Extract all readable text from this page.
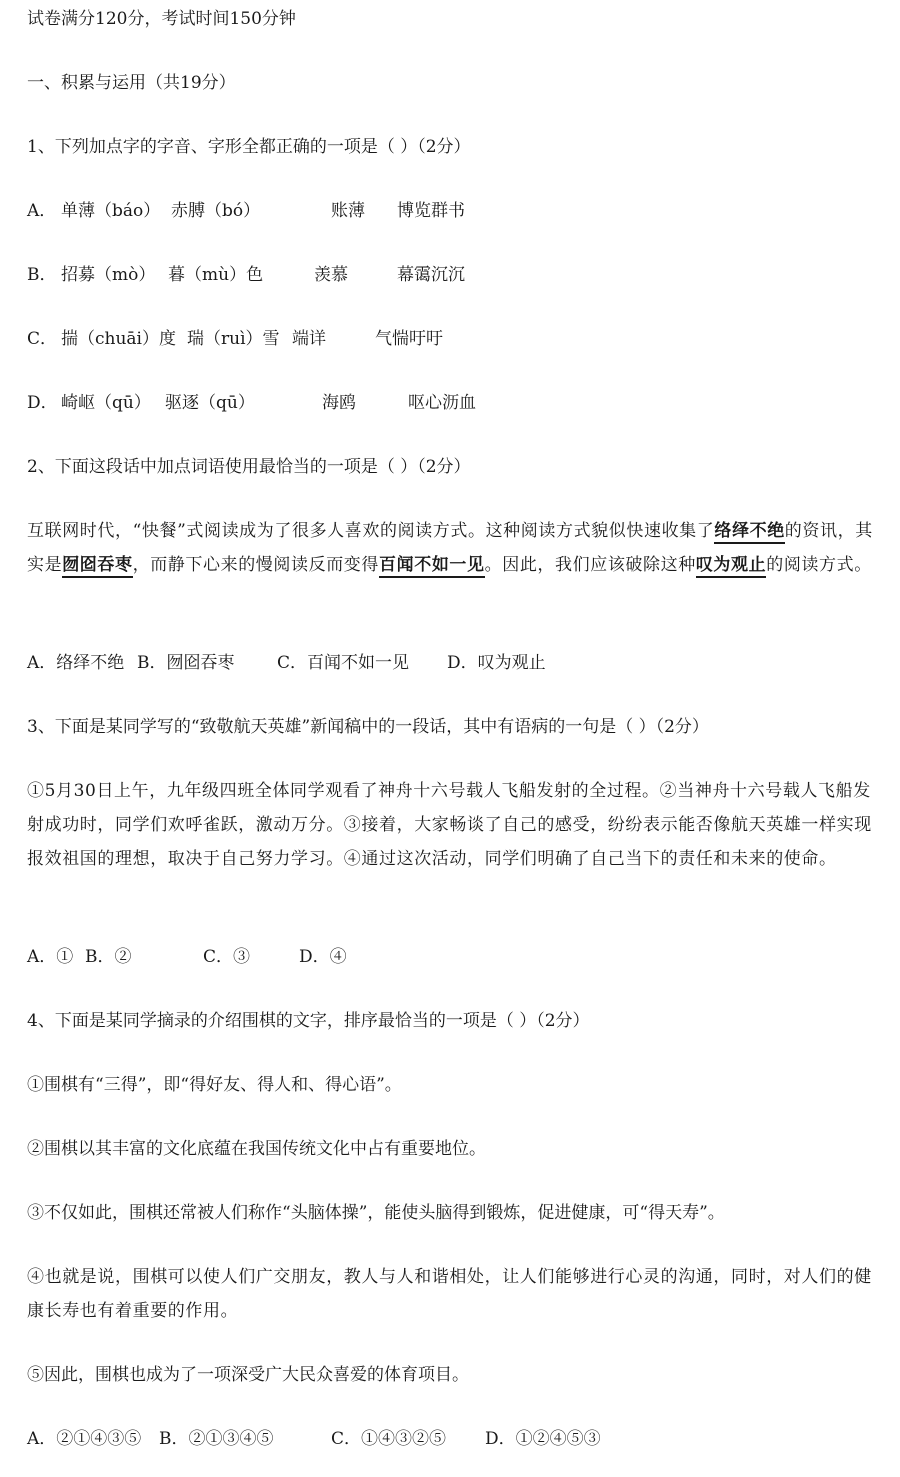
试卷满分120分，考试时间150分钟
一、积累与运用（共19分）
1、下列加点字的字音、字形全都正确的一项是（ ）（2分）
A． 单薄（báo） 赤膊（bó）	账薄 博览群书
B． 招募（mò） 暮（mù）色	羡慕	幕霭沉沉
C． 揣（chuāi）度 瑞（ruì）雪 端详	气惴吁吁
D． 崎岖（qū） 驱逐（qū）	海鸥	呕心沥血
2、下面这段话中加点词语使用最恰当的一项是（ ）（2分）
互联网时代，“快餐”式阅读成为了很多人喜欢的阅读方式。这种阅读方式貌似快速收集了络绎不绝的资讯，其实是囫囵吞枣，而静下心来的慢阅读反而变得百闻不如一见。因此，我们应该破除这种叹为观止的阅读方式。
A．络绎不绝 B．囫囵吞枣	C．百闻不如一见 D．叹为观止
3、下面是某同学写的“致敬航天英雄”新闻稿中的一段话，其中有语病的一句是（ ）（2分）
①5月30日上午，九年级四班全体同学观看了神舟十六号载人飞船发射的全过程。②当神舟十六号载人飞船发射成功时，同学们欢呼雀跃，激动万分。③接着，大家畅谈了自己的感受，纷纷表示能否像航天英雄一样实现报效祖国的理想，取决于自己努力学习。④通过这次活动，同学们明确了自己当下的责任和未来的使命。
A．① B．②	C．③	D．④
4、下面是某同学摘录的介绍围棋的文字，排序最恰当的一项是（ ）（2分）
①围棋有“三得”，即“得好友、得人和、得心语”。
②围棋以其丰富的文化底蕴在我国传统文化中占有重要地位。
③不仅如此，围棋还常被人们称作“头脑体操”，能使头脑得到锻炼，促进健康，可“得天寿”。
④也就是说，围棋可以使人们广交朋友，教人与人和谐相处，让人们能够进行心灵的沟通，同时，对人们的健康长寿也有着重要的作用。
⑤因此，围棋也成为了一项深受广大民众喜爱的体育项目。
A．②①④③⑤ B．②①③④⑤	C．①④③②⑤ D．①②④⑤③
